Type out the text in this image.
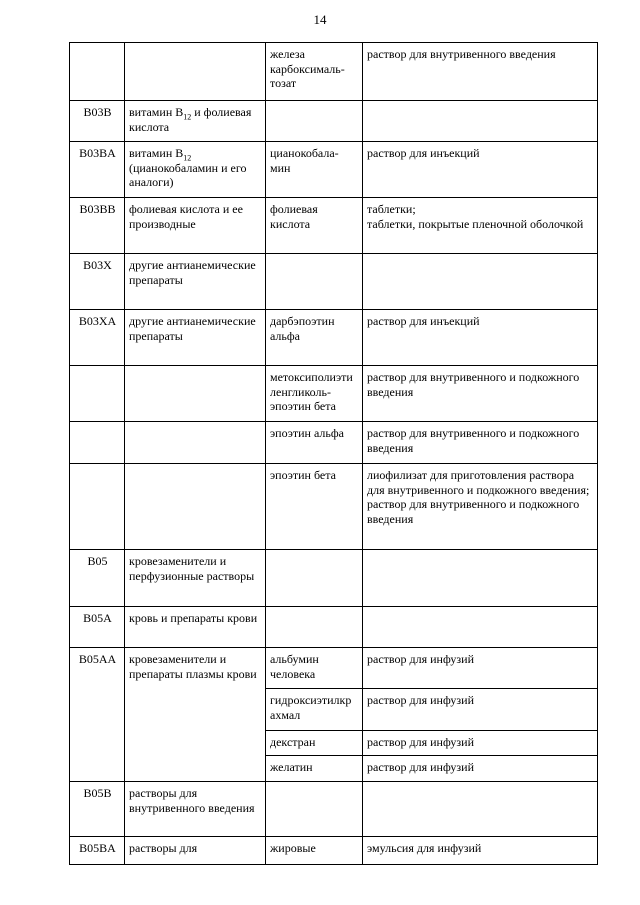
14
		железа карбоксималь-тозат	раствор для внутривенного введения

B03B	витамин $B_{12}$ и фолиевая кислота		
B03BA	витамин $B_{12}$ (цианокобаламин и его аналоги)	цианокобала-мин	раствор для инъекций

B03BB	фолиевая кислота и ее производные	фолиевая кислота	таблетки;
таблетки, покрытые пленочной оболочкой

B03X	другие антианемические препараты		
B03XA	другие антианемические препараты	дарбэпоэтин альфа	раствор для инъекций

		метоксиполиэти ленгликоль-эпоэтин бета	раствор для внутривенного и подкожного введения

		эпоэтин альфа	раствор для внутривенного и подкожного введения

		эпоэтин бета	лиофилизат для приготовления раствора для внутривенного и подкожного введения;
раствор для внутривенного и подкожного введения

B05	кровезаменители и перфузионные растворы		
B05A	кровь и препараты крови		
B05AA	кровезаменители и препараты плазмы крови	альбумин человека	раствор для инфузий

		гидроксиэтилкр ахмал	раствор для инфузий

		декстран	раствор для инфузий

		желатин	раствор для инфузий

B05B	растворы для внутривенного введения		
B05BA	растворы для	жировые	эмульсия для инфузий
